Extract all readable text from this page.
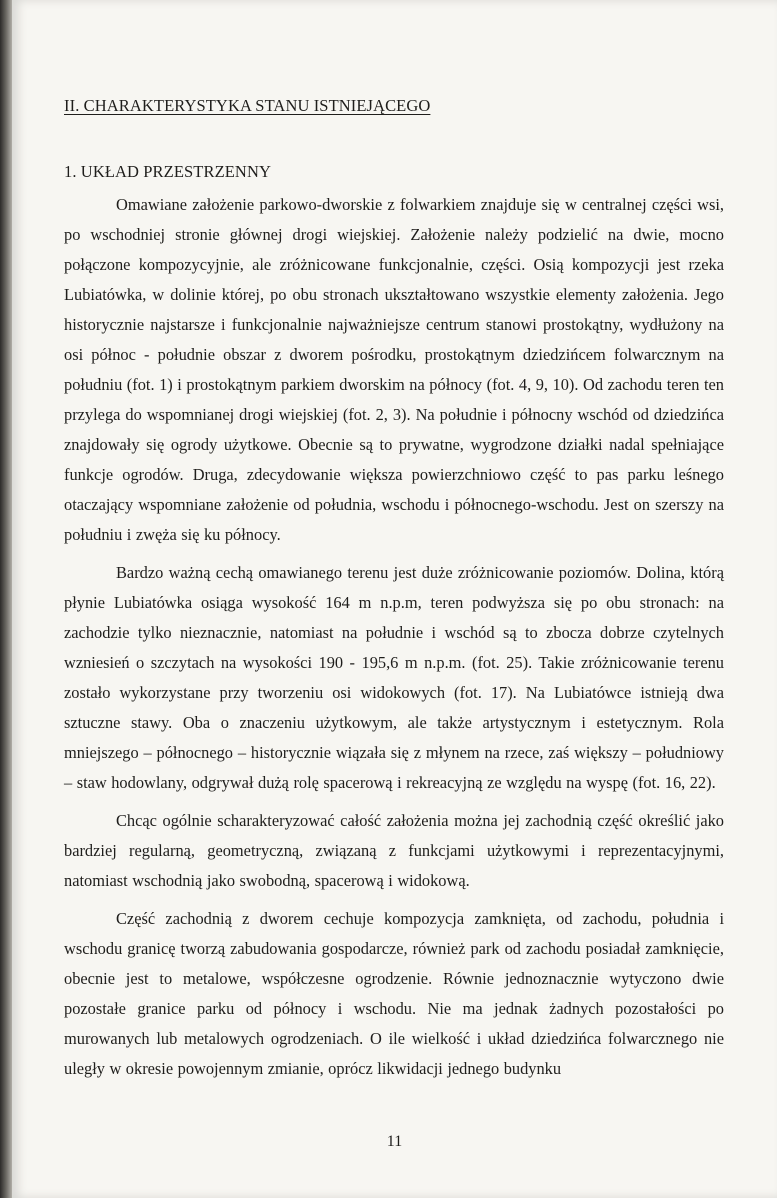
II. CHARAKTERYSTYKA STANU ISTNIEJĄCEGO
1. UKŁAD PRZESTRZENNY

Omawiane założenie parkowo-dworskie z folwarkiem znajduje się w centralnej części wsi, po wschodniej stronie głównej drogi wiejskiej. Założenie należy podzielić na dwie, mocno połączone kompozycyjnie, ale zróżnicowane funkcjonalnie, części. Osią kompozycji jest rzeka Lubiatówka, w dolinie której, po obu stronach ukształtowano wszystkie elementy założenia. Jego historycznie najstarsze i funkcjonalnie najważniejsze centrum stanowi prostokątny, wydłużony na osi północ - południe obszar z dworem pośrodku, prostokątnym dziedzińcem folwarcznym na południu (fot. 1) i prostokątnym parkiem dworskim na północy (fot. 4, 9, 10). Od zachodu teren ten przylega do wspomnianej drogi wiejskiej (fot. 2, 3). Na południe i północny wschód od dziedzińca znajdowały się ogrody użytkowe. Obecnie są to prywatne, wygrodzone działki nadal spełniające funkcje ogrodów. Druga, zdecydowanie większa powierzchniowo część to pas parku leśnego otaczający wspomniane założenie od południa, wschodu i północnego-wschodu. Jest on szerszy na południu i zwęża się ku północy.

Bardzo ważną cechą omawianego terenu jest duże zróżnicowanie poziomów. Dolina, którą płynie Lubiatówka osiąga wysokość 164 m n.p.m, teren podwyższa się po obu stronach: na zachodzie tylko nieznacznie, natomiast na południe i wschód są to zbocza dobrze czytelnych wzniesień o szczytach na wysokości 190 - 195,6 m n.p.m. (fot. 25). Takie zróżnicowanie terenu zostało wykorzystane przy tworzeniu osi widokowych (fot. 17). Na Lubiatówce istnieją dwa sztuczne stawy. Oba o znaczeniu użytkowym, ale także artystycznym i estetycznym. Rola mniejszego – północnego – historycznie wiązała się z młynem na rzece, zaś większy – południowy – staw hodowlany, odgrywał dużą rolę spacerową i rekreacyjną ze względu na wyspę (fot. 16, 22).

Chcąc ogólnie scharakteryzować całość założenia można jej zachodnią część określić jako bardziej regularną, geometryczną, związaną z funkcjami użytkowymi i reprezentacyjnymi, natomiast wschodnią jako swobodną, spacerową i widokową.

Część zachodnią z dworem cechuje kompozycja zamknięta, od zachodu, południa i wschodu granicę tworzą zabudowania gospodarcze, również park od zachodu posiadał zamknięcie, obecnie jest to metalowe, współczesne ogrodzenie. Równie jednoznacznie wytyczono dwie pozostałe granice parku od północy i wschodu. Nie ma jednak żadnych pozostałości po murowanych lub metalowych ogrodzeniach. O ile wielkość i układ dziedzińca folwarcznego nie uległy w okresie powojennym zmianie, oprócz likwidacji jednego budynku

11
